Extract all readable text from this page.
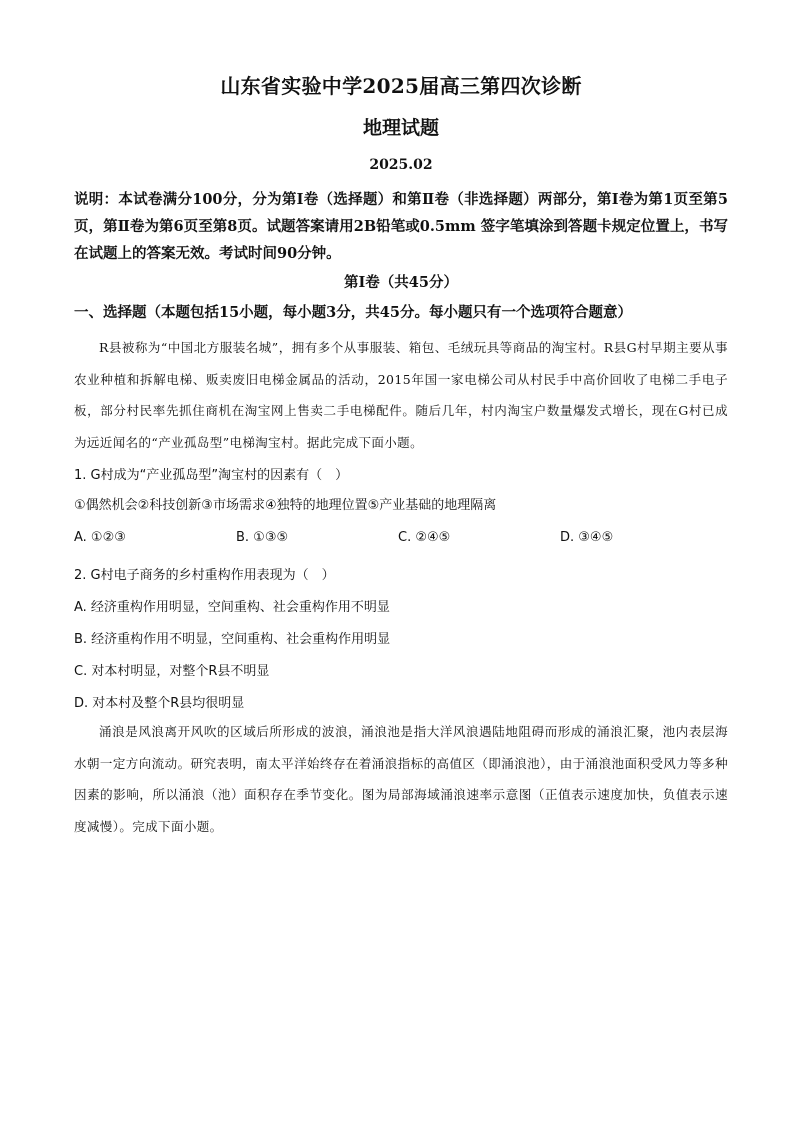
山东省实验中学2025届高三第四次诊断
地理试题
2025.02
说明：本试卷满分100分，分为第Ⅰ卷（选择题）和第Ⅱ卷（非选择题）两部分，第Ⅰ卷为第1页至第5页，第Ⅱ卷为第6页至第8页。试题答案请用2B铅笔或0.5mm 签字笔填涂到答题卡规定位置上，书写在试题上的答案无效。考试时间90分钟。
第Ⅰ卷（共45分）
一、选择题（本题包括15小题，每小题3分，共45分。每小题只有一个选项符合题意）
R县被称为“中国北方服装名城”，拥有多个从事服装、箱包、毛绒玩具等商品的淘宝村。R县G村早期主要从事农业种植和拆解电梯、贩卖废旧电梯金属品的活动，2015年国一家电梯公司从村民手中高价回收了电梯二手电子板，部分村民率先抓住商机在淘宝网上售卖二手电梯配件。随后几年，村内淘宝户数量爆发式增长，现在G村已成为远近闻名的“产业孤岛型”电梯淘宝村。据此完成下面小题。
1. G村成为“产业孤岛型”淘宝村的因素有（　）
①偶然机会②科技创新③市场需求④独特的地理位置⑤产业基础的地理隔离
A. ①②③	B. ①③⑤	C. ②④⑤	D. ③④⑤
2. G村电子商务的乡村重构作用表现为（　）
A. 经济重构作用明显，空间重构、社会重构作用不明显
B. 经济重构作用不明显，空间重构、社会重构作用明显
C. 对本村明显，对整个R县不明显
D. 对本村及整个R县均很明显
涌浪是风浪离开风吹的区域后所形成的波浪，涌浪池是指大洋风浪遇陆地阻碍而形成的涌浪汇聚，池内表层海水朝一定方向流动。研究表明，南太平洋始终存在着涌浪指标的高值区（即涌浪池），由于涌浪池面积受风力等多种因素的影响，所以涌浪（池）面积存在季节变化。图为局部海域涌浪速率示意图（正值表示速度加快，负值表示速度减慢）。完成下面小题。
